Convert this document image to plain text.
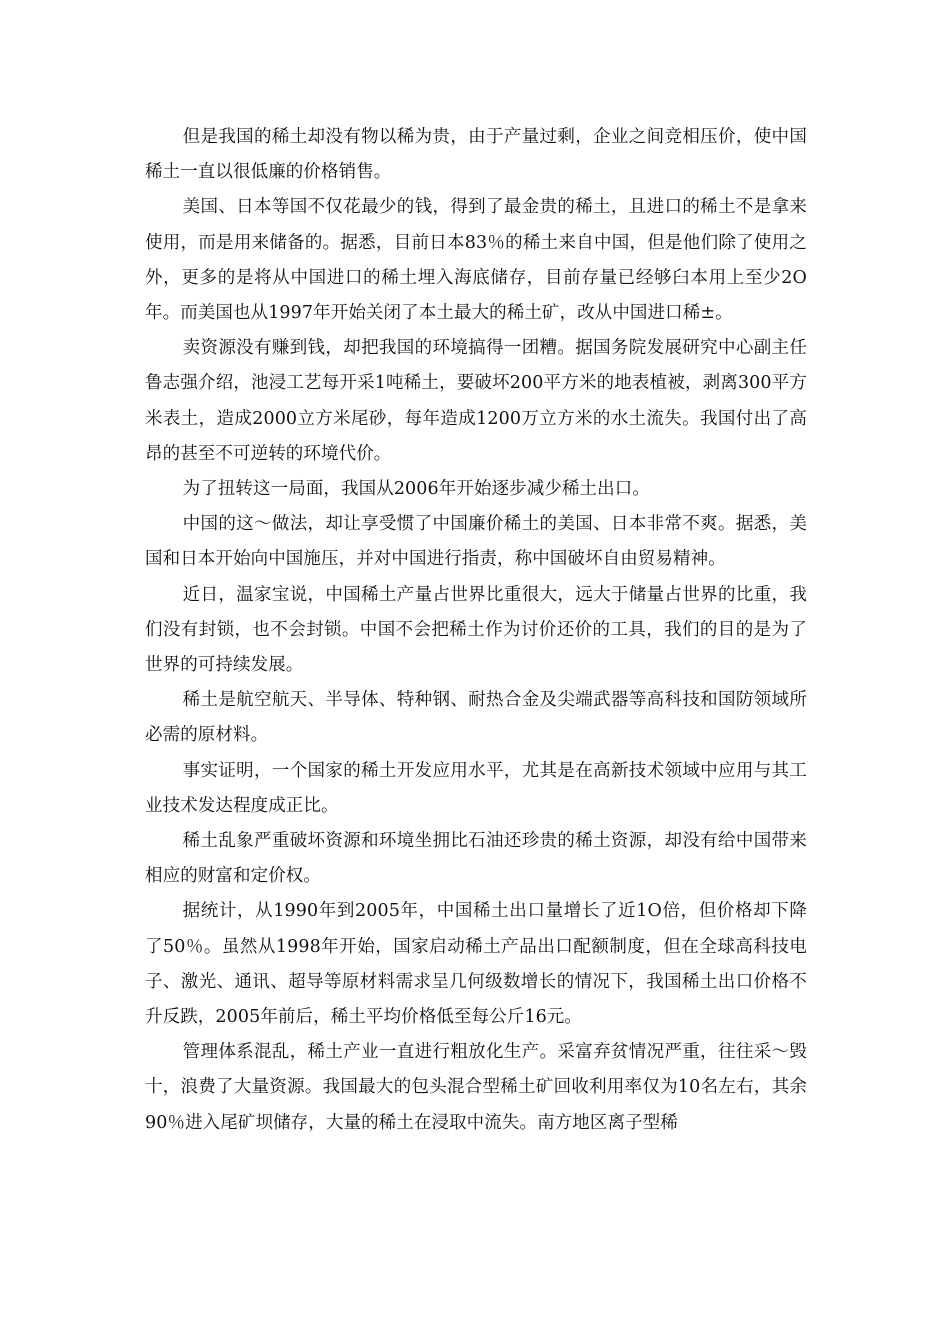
但是我国的稀土却没有物以稀为贵，由于产量过剩，企业之间竞相压价，使中国稀土一直以很低廉的价格销售。

美国、日本等国不仅花最少的钱，得到了最金贵的稀土，且进口的稀土不是拿来使用，而是用来储备的。据悉，目前日本83％的稀土来自中国，但是他们除了使用之外，更多的是将从中国进口的稀土埋入海底储存，目前存量已经够臼本用上至少2O年。而美国也从1997年开始关闭了本土最大的稀土矿，改从中国进口稀±。

卖资源没有赚到钱，却把我国的环境搞得一团糟。据国务院发展研究中心副主任鲁志强介绍，池浸工艺每开采1吨稀土，要破坏200平方米的地表植被，剥离300平方米表土，造成2000立方米尾砂，每年造成1200万立方米的水土流失。我国付出了高昂的甚至不可逆转的环境代价。

为了扭转这一局面，我国从2006年开始逐步减少稀土出口。

中国的这～做法，却让享受惯了中国廉价稀土的美国、日本非常不爽。据悉，美国和日本开始向中国施压，并对中国进行指责，称中国破坏自由贸易精神。

近日，温家宝说，中国稀土产量占世界比重很大，远大于储量占世界的比重，我们没有封锁，也不会封锁。中国不会把稀土作为讨价还价的工具，我们的目的是为了世界的可持续发展。

稀土是航空航天、半导体、特种钢、耐热合金及尖端武器等高科技和国防领域所必需的原材料。

事实证明，一个国家的稀土开发应用水平，尤其是在高新技术领域中应用与其工业技术发达程度成正比。

稀土乱象严重破坏资源和环境坐拥比石油还珍贵的稀土资源，却没有给中国带来相应的财富和定价权。

据统计，从1990年到2005年，中国稀土出口量增长了近1O倍，但价格却下降了50％。虽然从1998年开始，国家启动稀土产品出口配额制度，但在全球高科技电子、激光、通讯、超导等原材料需求呈几何级数增长的情况下，我国稀土出口价格不升反跌，2005年前后，稀土平均价格低至每公斤16元。

管理体系混乱，稀土产业一直进行粗放化生产。采富弃贫情况严重，往往采～毁十，浪费了大量资源。我国最大的包头混合型稀土矿回收利用率仅为10名左右，其余90％进入尾矿坝储存，大量的稀土在浸取中流失。南方地区离子型稀
